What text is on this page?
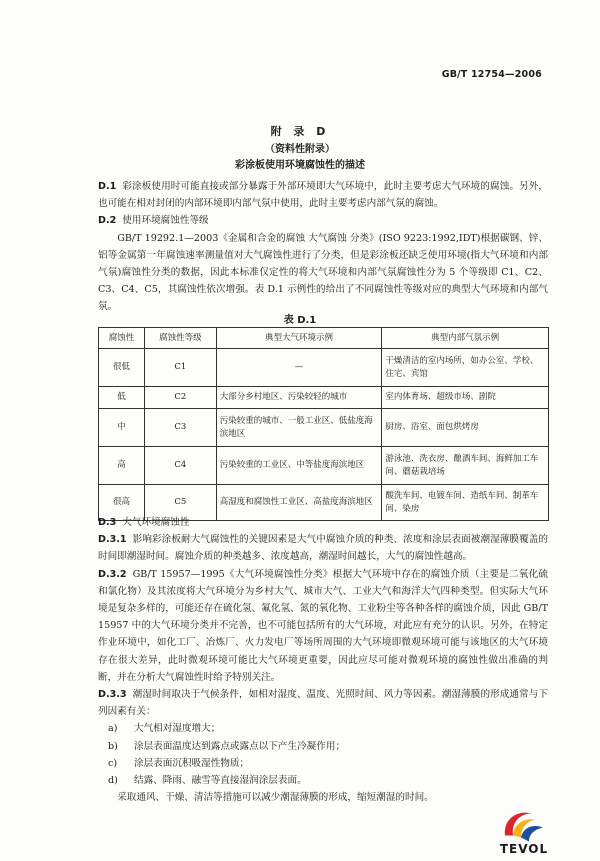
GB/T 12754—2006
附 录 D
（资料性附录）
彩涂板使用环境腐蚀性的描述

D.1 彩涂板使用时可能直接或部分暴露于外部环境即大气环境中，此时主要考虑大气环境的腐蚀。另外，也可能在相对封闭的内部环境即内部气氛中使用，此时主要考虑内部气氛的腐蚀。

D.2 使用环境腐蚀性等级

GB/T 19292.1—2003《金属和合金的腐蚀 大气腐蚀 分类》(ISO 9223:1992,IDT)根据碳钢、锌、铝等金属第一年腐蚀速率测量值对大气腐蚀性进行了分类，但是彩涂板还缺乏使用环境(指大气环境和内部气氛)腐蚀性分类的数据，因此本标准仅定性的将大气环境和内部气氛腐蚀性分为 5 个等级即 C1、C2、C3、C4、C5，其腐蚀性依次增强。表 D.1 示例性的给出了不同腐蚀性等级对应的典型大气环境和内部气氛。

表 D.1
腐蚀性	腐蚀性等级	典型大气环境示例	典型内部气氛示例
很低	C1	—	干燥清洁的室内场所，如办公室、学校、住宅、宾馆
低	C2	大部分乡村地区、污染较轻的城市	室内体育场、超级市场、剧院
中	C3	污染较重的城市、一般工业区、低盐度海滨地区	厨房、浴室、面包烘烤房
高	C4	污染较重的工业区、中等盐度海滨地区	游泳池、洗衣房、酿酒车间、海鲜加工车间、蘑菇栽培场
很高	C5	高湿度和腐蚀性工业区、高盐度海滨地区	酸洗车间、电镀车间、造纸车间、制革车间、染房

D.3 大气环境腐蚀性

D.3.1 影响彩涂板耐大气腐蚀性的关键因素是大气中腐蚀介质的种类、浓度和涂层表面被潮湿薄膜覆盖的时间即潮湿时间。腐蚀介质的种类越多、浓度越高，潮湿时间越长，大气的腐蚀性越高。

D.3.2 GB/T 15957—1995《大气环境腐蚀性分类》根据大气环境中存在的腐蚀介质（主要是二氧化硫和氯化物）及其浓度将大气环境分为乡村大气、城市大气、工业大气和海洋大气四种类型。但实际大气环境是复杂多样的，可能还存在硫化氢、氟化氢、氮的氧化物、工业粉尘等各种各样的腐蚀介质，因此 GB/T 15957 中的大气环境分类并不完善，也不可能包括所有的大气环境，对此应有充分的认识。另外，在特定作业环境中，如化工厂、冶炼厂、火力发电厂等场所周围的大气环境即微观环境可能与该地区的大气环境存在很大差异，此时微观环境可能比大气环境更重要，因此应尽可能对微观环境的腐蚀性做出准确的判断，并在分析大气腐蚀性时给予特别关注。

D.3.3 潮湿时间取决于气候条件，如相对湿度、温度、光照时间、风力等因素。潮湿薄膜的形成通常与下列因素有关：

a)	大气相对湿度增大；
b)	涂层表面温度达到露点或露点以下产生冷凝作用；
c)	涂层表面沉积吸湿性物质；
d)	结露、降雨、融雪等直接湿润涂层表面。

采取通风、干燥、清洁等措施可以减少潮湿薄膜的形成，缩短潮湿的时间。

TEVOL
